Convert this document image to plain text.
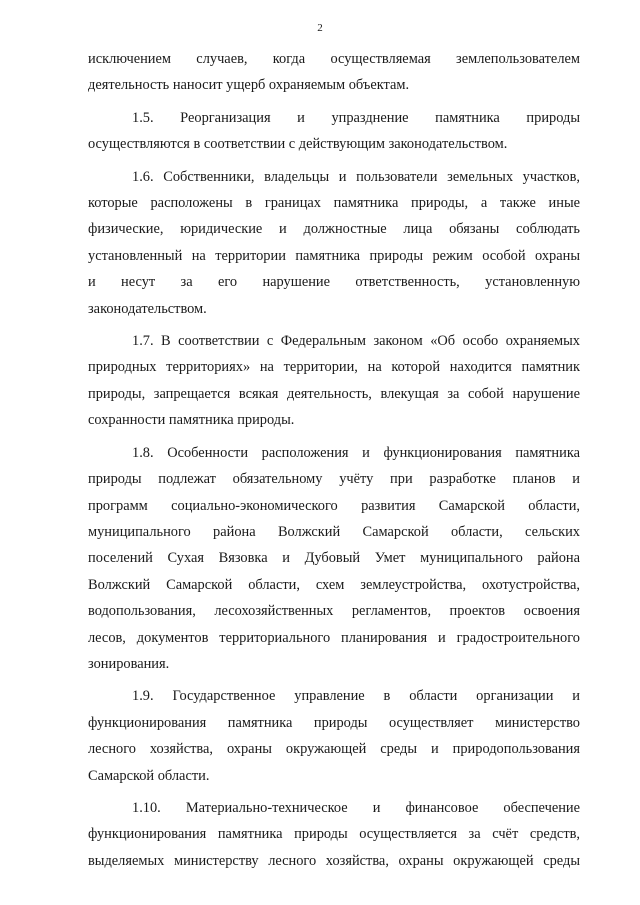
2
исключением случаев, когда осуществляемая землепользователем
деятельность наносит ущерб охраняемым объектам.
1.5. Реорганизация и упразднение памятника природы
осуществляются в соответствии с действующим законодательством.
1.6. Собственники, владельцы и пользователи земельных участков,
которые расположены в границах памятника природы, а также иные
физические, юридические и должностные лица обязаны соблюдать
установленный на территории памятника природы режим особой охраны
и несут за его нарушение ответственность, установленную
законодательством.
1.7. В соответствии с Федеральным законом «Об особо охраняемых
природных территориях» на территории, на которой находится памятник
природы, запрещается всякая деятельность, влекущая за собой нарушение
сохранности памятника природы.
1.8. Особенности расположения и функционирования памятника
природы подлежат обязательному учёту при разработке планов и
программ социально-экономического развития Самарской области,
муниципального района Волжский Самарской области, сельских
поселений Сухая Вязовка и Дубовый Умет муниципального района
Волжский Самарской области, схем землеустройства, охотустройства,
водопользования, лесохозяйственных регламентов, проектов освоения
лесов, документов территориального планирования и градостроительного
зонирования.
1.9. Государственное управление в области организации и
функционирования памятника природы осуществляет министерство
лесного хозяйства, охраны окружающей среды и природопользования
Самарской области.
1.10. Материально-техническое и финансовое обеспечение
функционирования памятника природы осуществляется за счёт средств,
выделяемых министерству лесного хозяйства, охраны окружающей среды
